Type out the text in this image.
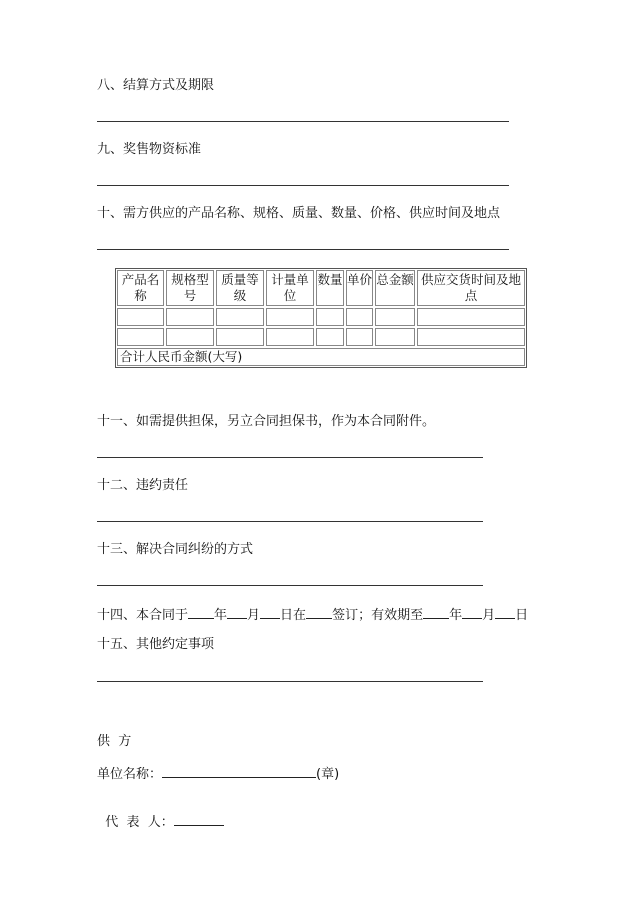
八、结算方式及期限
九、奖售物资标准
十、需方供应的产品名称、规格、质量、数量、价格、供应时间及地点
产品名称
规格型号
质量等级
计量单位
数量 单价 总金额 供应交货时间及地点
合计人民币金额(大写)
十一、如需提供担保，另立合同担保书，作为本合同附件。
十二、违约责任
十三、解决合同纠纷的方式
十四、本合同于 年 月 日在 签订；有效期至 年 月 日
十五、其他约定事项
供  方
单位名称：	(章)

代  表  人：
